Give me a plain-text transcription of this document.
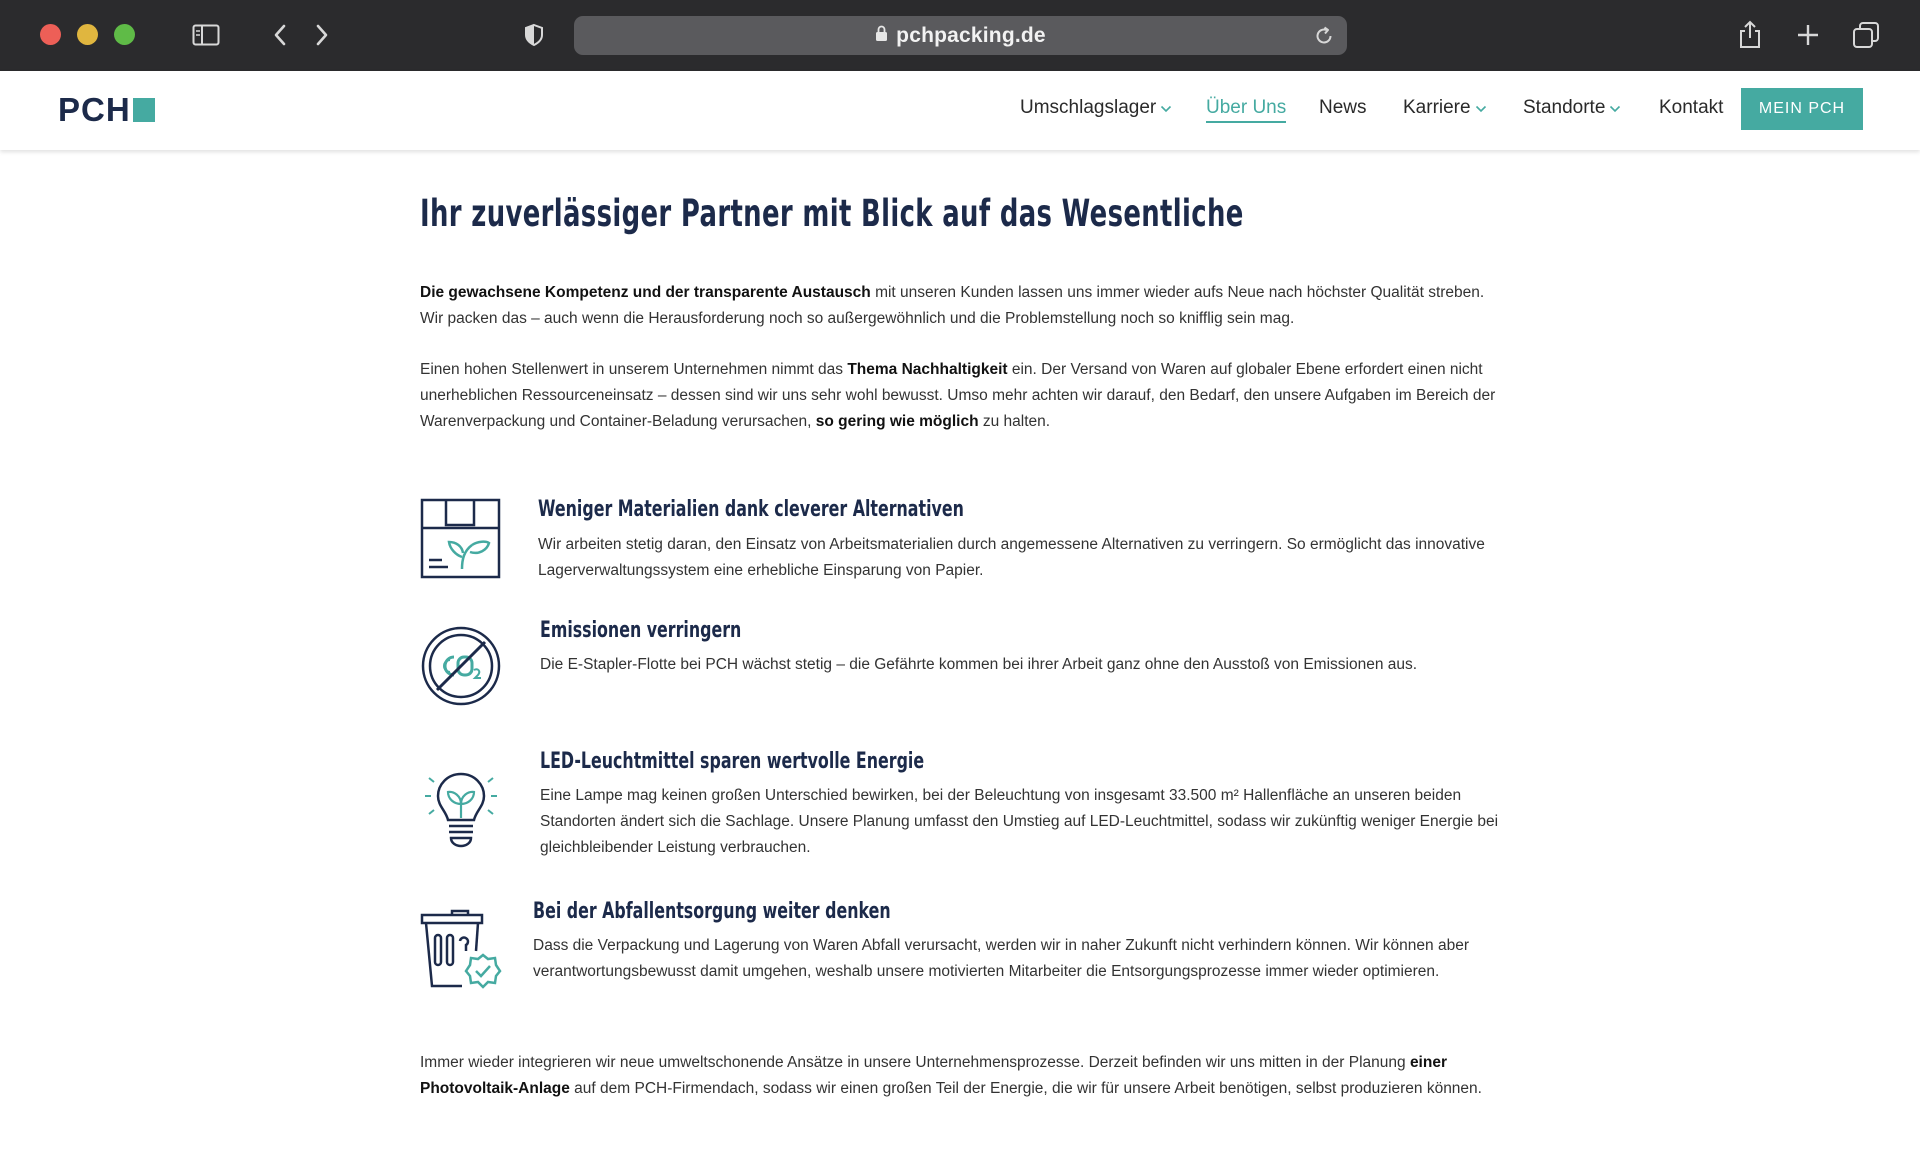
pchpacking.de
PCH	Umschlagslager	Über Uns News Karriere	Standorte	Kontakt	MEIN PCH
Ihr zuverlässiger Partner mit Blick auf das Wesentliche
Die gewachsene Kompetenz und der transparente Austausch mit unseren Kunden lassen uns immer wieder aufs Neue nach höchster Qualität streben. Wir packen das – auch wenn die Herausforderung noch so außergewöhnlich und die Problemstellung noch so knifflig sein mag.
Einen hohen Stellenwert in unserem Unternehmen nimmt das Thema Nachhaltigkeit ein. Der Versand von Waren auf globaler Ebene erfordert einen nicht unerheblichen Ressourceneinsatz – dessen sind wir uns sehr wohl bewusst. Umso mehr achten wir darauf, den Bedarf, den unsere Aufgaben im Bereich der Warenverpackung und Container-Beladung verursachen, so gering wie möglich zu halten.
Weniger Materialien dank cleverer Alternativen
Wir arbeiten stetig daran, den Einsatz von Arbeitsmaterialien durch angemessene Alternativen zu verringern. So ermöglicht das innovative Lagerverwaltungssystem eine erhebliche Einsparung von Papier.
Emissionen verringern
Die E-Stapler-Flotte bei PCH wächst stetig – die Gefährte kommen bei ihrer Arbeit ganz ohne den Ausstoß von Emissionen aus.
LED-Leuchtmittel sparen wertvolle Energie
Eine Lampe mag keinen großen Unterschied bewirken, bei der Beleuchtung von insgesamt 33.500 m² Hallenfläche an unseren beiden Standorten ändert sich die Sachlage. Unsere Planung umfasst den Umstieg auf LED-Leuchtmittel, sodass wir zukünftig weniger Energie bei gleichbleibender Leistung verbrauchen.
Bei der Abfallentsorgung weiter denken
Dass die Verpackung und Lagerung von Waren Abfall verursacht, werden wir in naher Zukunft nicht verhindern können. Wir können aber verantwortungsbewusst damit umgehen, weshalb unsere motivierten Mitarbeiter die Entsorgungsprozesse immer wieder optimieren.
Immer wieder integrieren wir neue umweltschonende Ansätze in unsere Unternehmensprozesse. Derzeit befinden wir uns mitten in der Planung einer Photovoltaik-Anlage auf dem PCH-Firmendach, sodass wir einen großen Teil der Energie, die wir für unsere Arbeit benötigen, selbst produzieren können.
